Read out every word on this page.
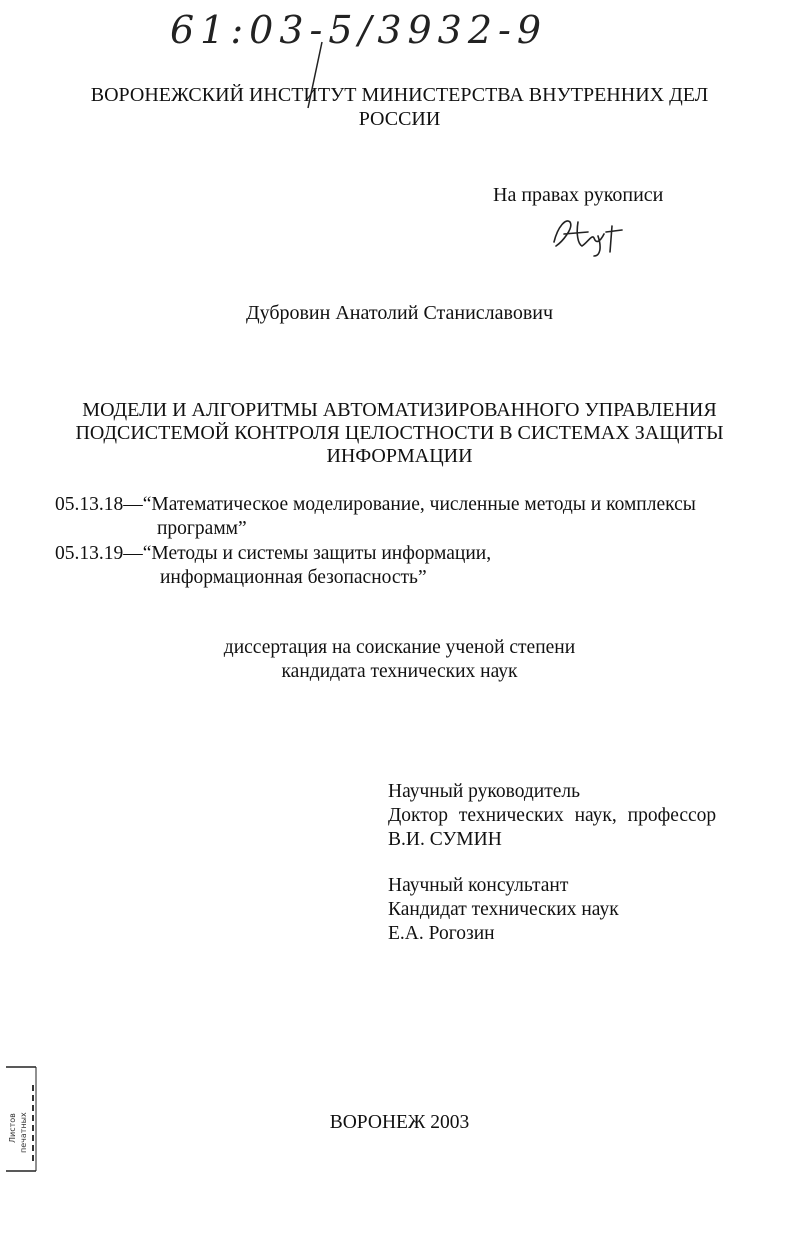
61:03-5/3932-9
ВОРОНЕЖСКИЙ ИНСТИТУТ МИНИСТЕРСТВА ВНУТРЕННИХ ДЕЛ
РОССИИ
На правах рукописи
Дубровин Анатолий Станиславович
МОДЕЛИ И АЛГОРИТМЫ АВТОМАТИЗИРОВАННОГО УПРАВЛЕНИЯ
ПОДСИСТЕМОЙ КОНТРОЛЯ ЦЕЛОСТНОСТИ В СИСТЕМАХ ЗАЩИТЫ
ИНФОРМАЦИИ
05.13.18—“Математическое моделирование, численные методы и комплексы
программ”
05.13.19—“Методы и системы защиты информации,
информационная безопасность”
диссертация на соискание ученой степени
кандидата технических наук
Научный руководитель
Доктор технических наук, профессор
В.И. СУМИН
Научный консультант
Кандидат технических наук
Е.А. Рогозин
Листов печатных	ВОРОНЕЖ 2003
